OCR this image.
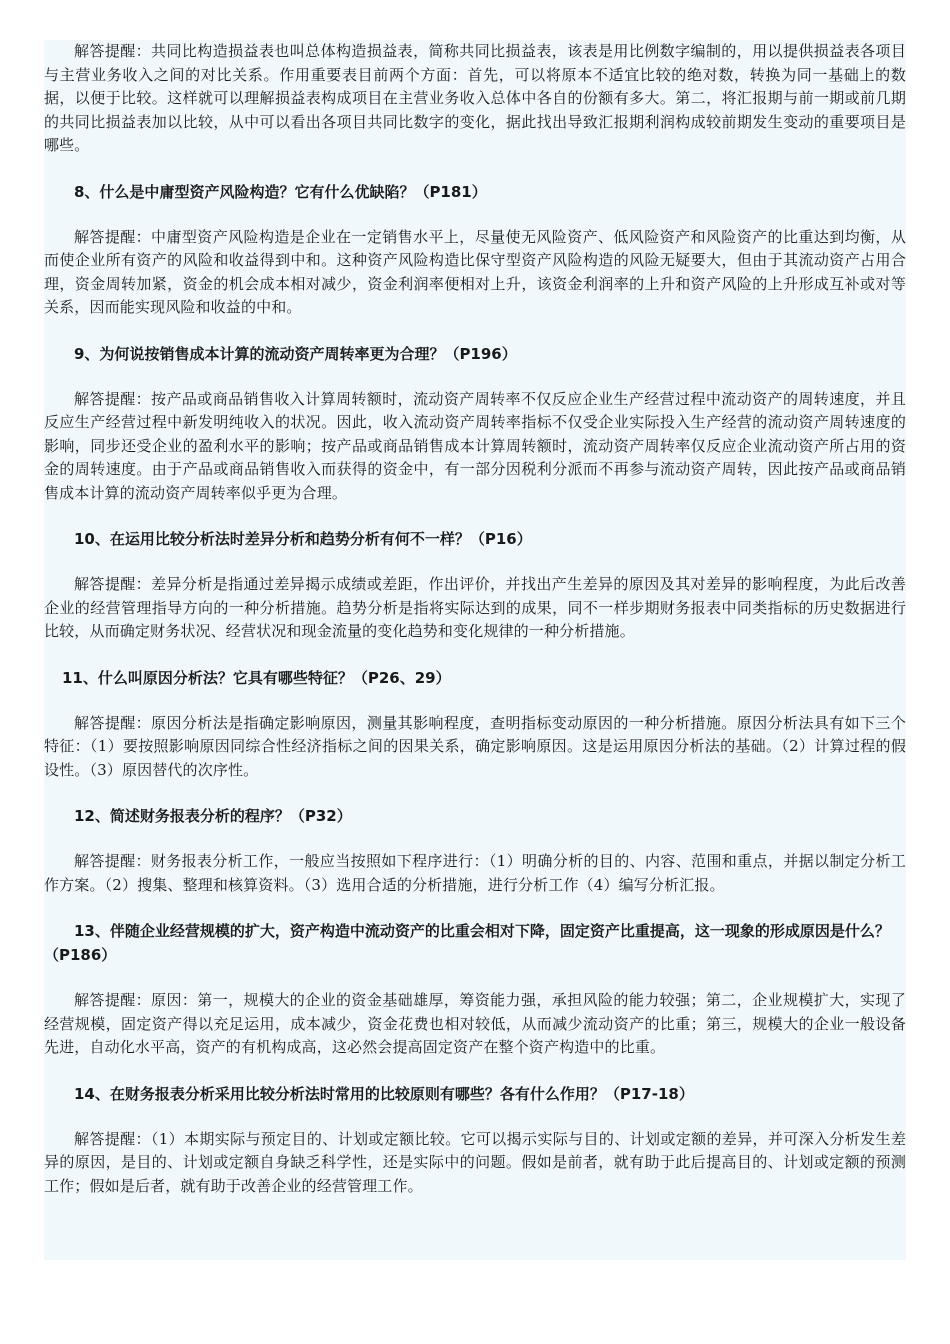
解答提醒：共同比构造损益表也叫总体构造损益表，简称共同比损益表，该表是用比例数字编制的，用以提供损益表各项目与主营业务收入之间的对比关系。作用重要表目前两个方面：首先，可以将原本不适宜比较的绝对数，转换为同一基础上的数据，以便于比较。这样就可以理解损益表构成项目在主营业务收入总体中各自的份额有多大。第二，将汇报期与前一期或前几期的共同比损益表加以比较，从中可以看出各项目共同比数字的变化，据此找出导致汇报期利润构成较前期发生变动的重要项目是哪些。

8、什么是中庸型资产风险构造？它有什么优缺陷？（P181）

解答提醒：中庸型资产风险构造是企业在一定销售水平上，尽量使无风险资产、低风险资产和风险资产的比重达到均衡，从而使企业所有资产的风险和收益得到中和。这种资产风险构造比保守型资产风险构造的风险无疑要大，但由于其流动资产占用合理，资金周转加紧，资金的机会成本相对减少，资金利润率便相对上升，该资金利润率的上升和资产风险的上升形成互补或对等关系，因而能实现风险和收益的中和。

9、为何说按销售成本计算的流动资产周转率更为合理？（P196）

解答提醒：按产品或商品销售收入计算周转额时，流动资产周转率不仅反应企业生产经营过程中流动资产的周转速度，并且反应生产经营过程中新发明纯收入的状况。因此，收入流动资产周转率指标不仅受企业实际投入生产经营的流动资产周转速度的影响，同步还受企业的盈利水平的影响；按产品或商品销售成本计算周转额时，流动资产周转率仅反应企业流动资产所占用的资金的周转速度。由于产品或商品销售收入而获得的资金中，有一部分因税利分派而不再参与流动资产周转，因此按产品或商品销售成本计算的流动资产周转率似乎更为合理。

10、在运用比较分析法时差异分析和趋势分析有何不一样？（P16）

解答提醒：差异分析是指通过差异揭示成绩或差距，作出评价，并找出产生差异的原因及其对差异的影响程度，为此后改善企业的经营管理指导方向的一种分析措施。趋势分析是指将实际达到的成果，同不一样步期财务报表中同类指标的历史数据进行比较，从而确定财务状况、经营状况和现金流量的变化趋势和变化规律的一种分析措施。

11、什么叫原因分析法？它具有哪些特征？（P26、29）

解答提醒：原因分析法是指确定影响原因，测量其影响程度，查明指标变动原因的一种分析措施。原因分析法具有如下三个特征：（1）要按照影响原因同综合性经济指标之间的因果关系，确定影响原因。这是运用原因分析法的基础。（2）计算过程的假设性。（3）原因替代的次序性。

12、简述财务报表分析的程序？（P32）

解答提醒：财务报表分析工作，一般应当按照如下程序进行：（1）明确分析的目的、内容、范围和重点，并据以制定分析工作方案。（2）搜集、整理和核算资料。（3）选用合适的分析措施，进行分析工作（4）编写分析汇报。

13、伴随企业经营规模的扩大，资产构造中流动资产的比重会相对下降，固定资产比重提高，这一现象的形成原因是什么？（P186）

解答提醒：原因：第一，规模大的企业的资金基础雄厚，筹资能力强，承担风险的能力较强；第二，企业规模扩大，实现了经营规模，固定资产得以充足运用，成本减少，资金花费也相对较低，从而减少流动资产的比重；第三，规模大的企业一般设备先进，自动化水平高，资产的有机构成高，这必然会提高固定资产在整个资产构造中的比重。

14、在财务报表分析采用比较分析法时常用的比较原则有哪些？各有什么作用？（P17-18）

解答提醒：（1）本期实际与预定目的、计划或定额比较。它可以揭示实际与目的、计划或定额的差异，并可深入分析发生差异的原因，是目的、计划或定额自身缺乏科学性，还是实际中的问题。假如是前者，就有助于此后提高目的、计划或定额的预测工作；假如是后者，就有助于改善企业的经营管理工作。
